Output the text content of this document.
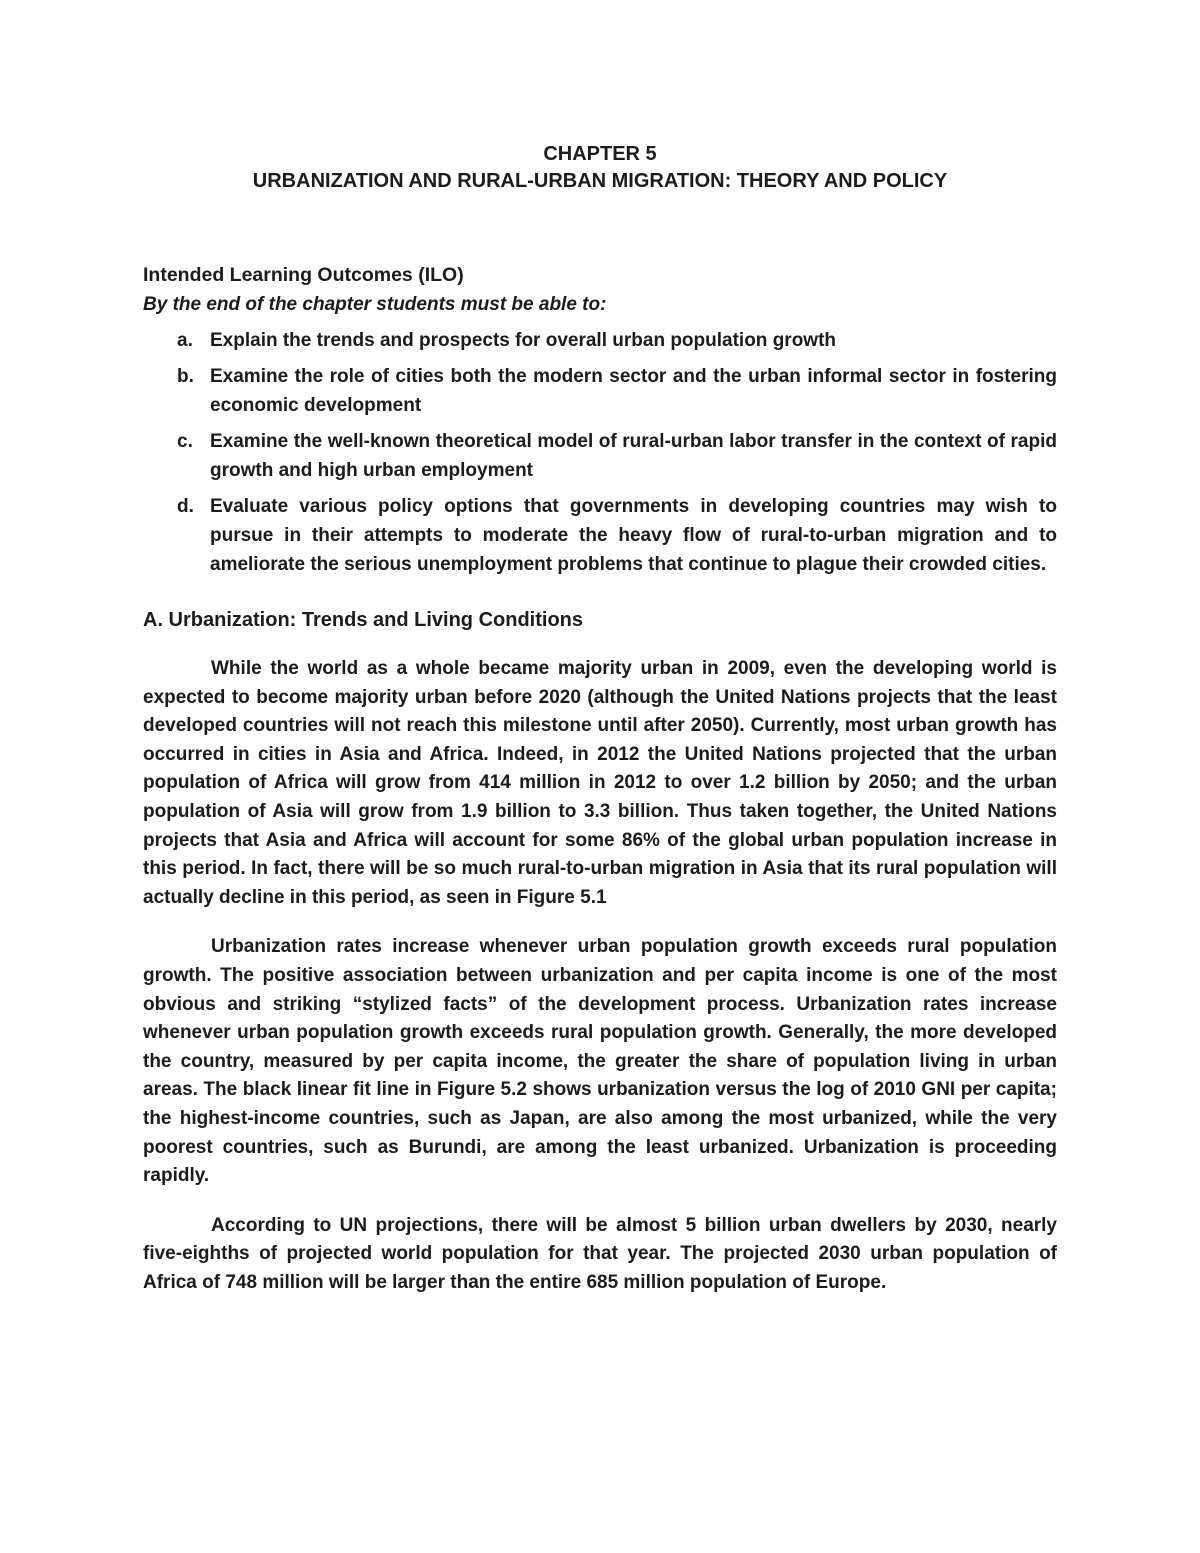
CHAPTER 5
URBANIZATION AND RURAL-URBAN MIGRATION: THEORY AND POLICY
Intended Learning Outcomes (ILO)
By the end of the chapter students must be able to:
a. Explain the trends and prospects for overall urban population growth
b. Examine the role of cities both the modern sector and the urban informal sector in fostering economic development
c. Examine the well-known theoretical model of rural-urban labor transfer in the context of rapid growth and high urban employment
d. Evaluate various policy options that governments in developing countries may wish to pursue in their attempts to moderate the heavy flow of rural-to-urban migration and to ameliorate the serious unemployment problems that continue to plague their crowded cities.
A. Urbanization: Trends and Living Conditions

While the world as a whole became majority urban in 2009, even the developing world is expected to become majority urban before 2020 (although the United Nations projects that the least developed countries will not reach this milestone until after 2050). Currently, most urban growth has occurred in cities in Asia and Africa. Indeed, in 2012 the United Nations projected that the urban population of Africa will grow from 414 million in 2012 to over 1.2 billion by 2050; and the urban population of Asia will grow from 1.9 billion to 3.3 billion. Thus taken together, the United Nations projects that Asia and Africa will account for some 86% of the global urban population increase in this period. In fact, there will be so much rural-to-urban migration in Asia that its rural population will actually decline in this period, as seen in Figure 5.1

Urbanization rates increase whenever urban population growth exceeds rural population growth. The positive association between urbanization and per capita income is one of the most obvious and striking “stylized facts” of the development process. Urbanization rates increase whenever urban population growth exceeds rural population growth. Generally, the more developed the country, measured by per capita income, the greater the share of population living in urban areas. The black linear fit line in Figure 5.2 shows urbanization versus the log of 2010 GNI per capita; the highest-income countries, such as Japan, are also among the most urbanized, while the very poorest countries, such as Burundi, are among the least urbanized. Urbanization is proceeding rapidly.

According to UN projections, there will be almost 5 billion urban dwellers by 2030, nearly five-eighths of projected world population for that year. The projected 2030 urban population of Africa of 748 million will be larger than the entire 685 million population of Europe.
